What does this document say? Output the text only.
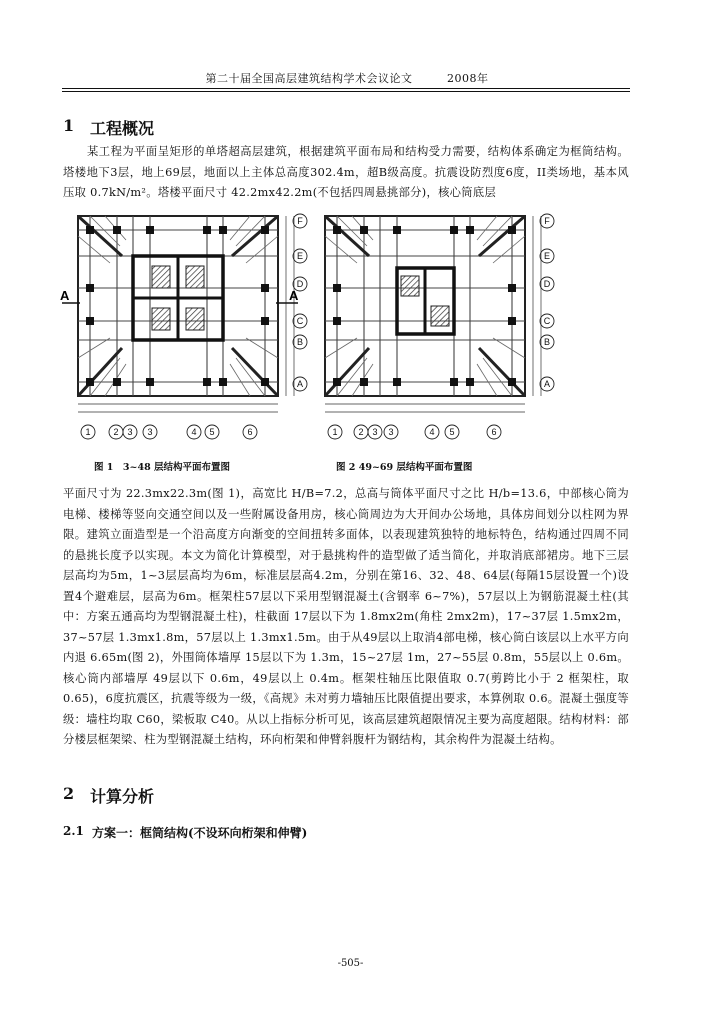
第二十届全国高层建筑结构学术会议论文　　　2008年
1 工程概况
某工程为平面呈矩形的单塔超高层建筑，根据建筑平面布局和结构受力需要，结构体系确定为框筒结构。塔楼地下3层，地上69层，地面以上主体总高度302.4m，超B级高度。抗震设防烈度6度，II类场地，基本风压取 0.7kN/m²。塔楼平面尺寸 42.2mx42.2m(不包括四周悬挑部分)，核心筒底层
A	A
F
E
D
C
B
A
1	2 3 3	4 5	6
F
E
D
C
B
A
1 2 3 3	4 5	6
图 1　3~48 层结构平面布置图	图 2 49~69 层结构平面布置图
平面尺寸为 22.3mx22.3m(图 1)，高宽比 H/B=7.2，总高与筒体平面尺寸之比 H/b=13.6，中部核心筒为电梯、楼梯等竖向交通空间以及一些附属设备用房，核心筒周边为大开间办公场地，具体房间划分以柱网为界限。建筑立面造型是一个沿高度方向渐变的空间扭转多面体，以表现建筑独特的地标特色，结构通过四周不同的悬挑长度予以实现。本文为简化计算模型，对于悬挑构件的造型做了适当简化，并取消底部裙房。地下三层层高均为5m，1~3层层高均为6m，标准层层高4.2m，分别在第16、32、48、64层(每隔15层设置一个)设置4个避难层，层高为6m。框架柱57层以下采用型钢混凝土(含钢率 6~7%)，57层以上为钢筋混凝土柱(其中：方案五通高均为型钢混凝土柱)，柱截面 17层以下为 1.8mx2m(角柱 2mx2m)，17~37层 1.5mx2m，37~57层 1.3mx1.8m，57层以上 1.3mx1.5m。由于从49层以上取消4部电梯，核心筒白该层以上水平方向内退 6.65m(图 2)，外围筒体墙厚 15层以下为 1.3m，15~27层 1m，27~55层 0.8m，55层以上 0.6m。核心筒内部墙厚 49层以下 0.6m，49层以上 0.4m。框架柱轴压比限值取 0.7(剪跨比小于 2 框架柱，取 0.65)，6度抗震区，抗震等级为一级，《高规》未对剪力墙轴压比限值提出要求，本算例取 0.6。混凝土强度等级：墙柱均取 C60，梁板取 C40。从以上指标分析可见，该高层建筑超限情况主要为高度超限。结构材料：部分楼层框架梁、柱为型钢混凝土结构，环向桁架和伸臂斜腹杆为钢结构，其余构件为混凝土结构。
2 计算分析
2.1 方案一：框筒结构(不设环向桁架和伸臂)
-505-
